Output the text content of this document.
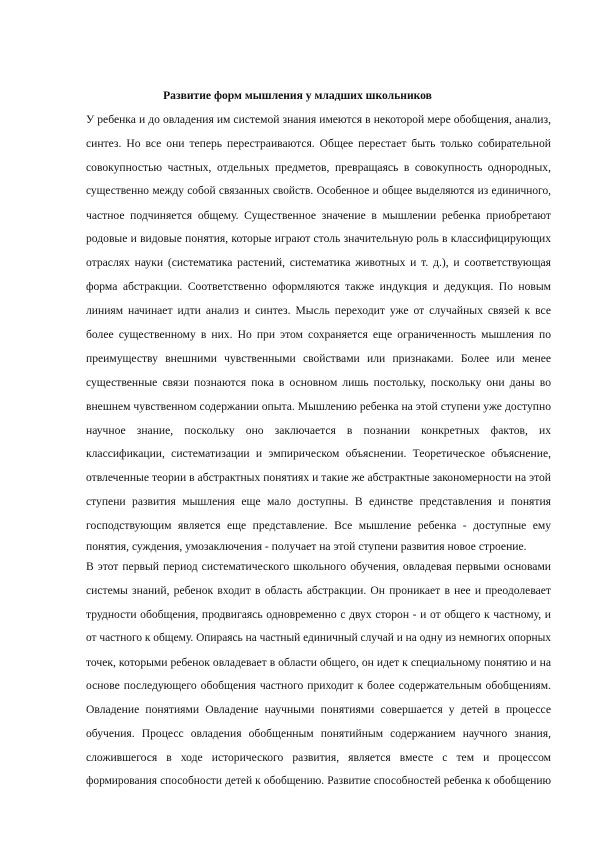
Развитие форм мышления у младших школьников
У ребенка и до овладения им системой знания имеются в некоторой мере обобщения, анализ,
синтез. Но все они теперь перестраиваются. Общее перестает быть только собирательной
совокупностью частных, отдельных предметов, превращаясь в совокупность однородных,
существенно между собой связанных свойств. Особенное и общее выделяются из единичного,
частное подчиняется общему. Существенное значение в мышлении ребенка приобретают
родовые и видовые понятия, которые играют столь значительную роль в классифицирующих
отраслях науки (систематика растений, систематика животных и т. д.), и соответствующая
форма абстракции. Соответственно оформляются также индукция и дедукция. По новым
линиям начинает идти анализ и синтез. Мысль переходит уже от случайных связей к все
более существенному в них. Но при этом сохраняется еще ограниченность мышления по
преимуществу внешними чувственными свойствами или признаками. Более или менее
существенные связи познаются пока в основном лишь постольку, поскольку они даны во
внешнем чувственном содержании опыта. Мышлению ребенка на этой ступени уже доступно
научное знание, поскольку оно заключается в познании конкретных фактов, их
классификации, систематизации и эмпирическом объяснении. Теоретическое объяснение,
отвлеченные теории в абстрактных понятиях и такие же абстрактные закономерности на этой
ступени развития мышления еще мало доступны. В единстве представления и понятия
господствующим является еще представление. Все мышление ребенка - доступные ему
понятия, суждения, умозаключения - получает на этой ступени развития новое строение.
В этот первый период систематического школьного обучения, овладевая первыми основами
системы знаний, ребенок входит в область абстракции. Он проникает в нее и преодолевает
трудности обобщения, продвигаясь одновременно с двух сторон - и от общего к частному, и
от частного к общему. Опираясь на частный единичный случай и на одну из немногих опорных
точек, которыми ребенок овладевает в области общего, он идет к специальному понятию и на
основе последующего обобщения частного приходит к более содержательным обобщениям.
Овладение понятиями Овладение научными понятиями совершается у детей в процессе
обучения. Процесс овладения обобщенным понятийным содержанием научного знания,
сложившегося в ходе исторического развития, является вместе с тем и процессом
формирования способности детей к обобщению. Развитие способностей ребенка к обобщению
